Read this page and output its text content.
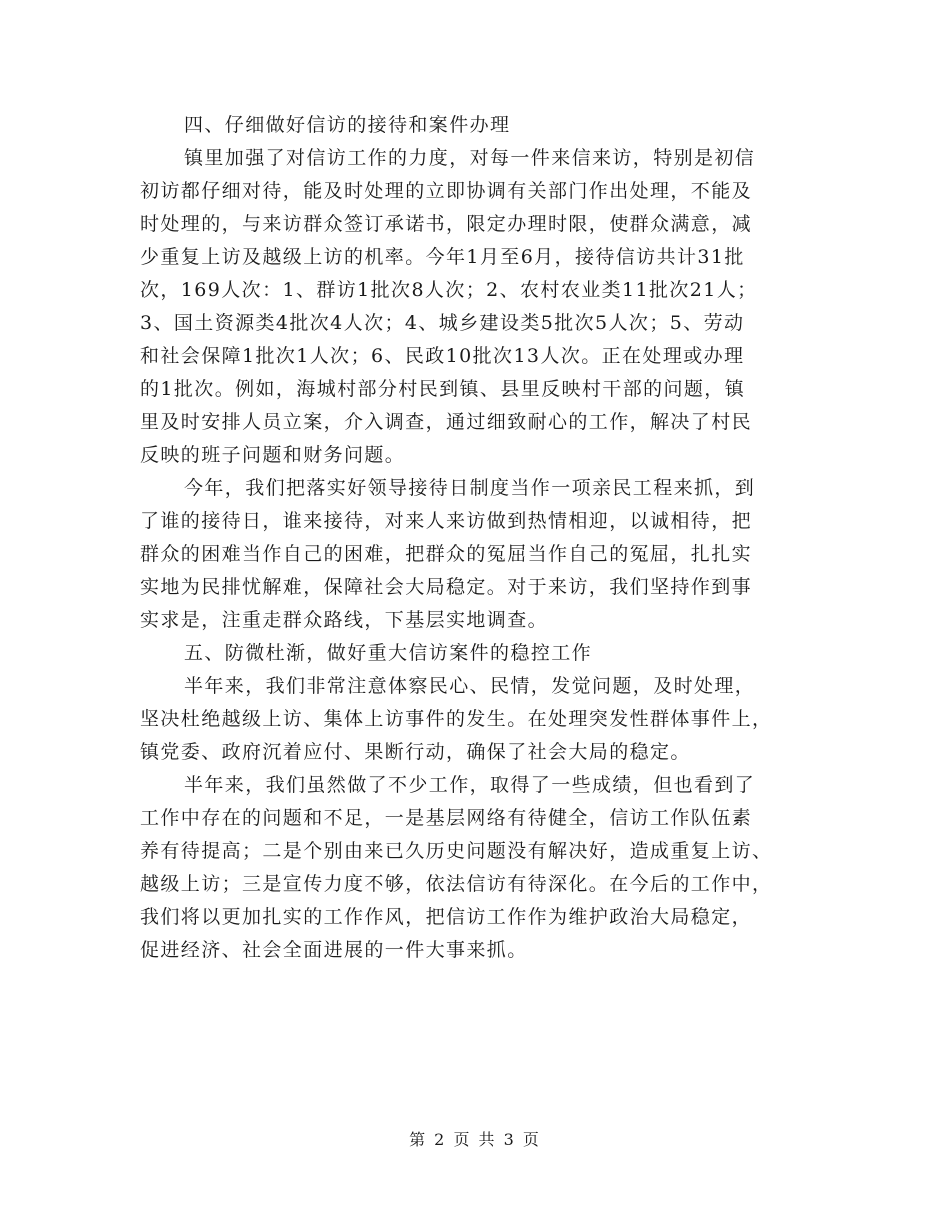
四、仔细做好信访的接待和案件办理
镇里加强了对信访工作的力度，对每一件来信来访，特别是初信
初访都仔细对待，能及时处理的立即协调有关部门作出处理，不能及
时处理的，与来访群众签订承诺书，限定办理时限，使群众满意，减
少重复上访及越级上访的机率。今年1月至6月，接待信访共计31批
次，169人次：1、群访1批次8人次；2、农村农业类11批次21人；
3、国土资源类4批次4人次；4、城乡建设类5批次5人次；5、劳动
和社会保障1批次1人次；6、民政10批次13人次。正在处理或办理
的1批次。例如，海城村部分村民到镇、县里反映村干部的问题，镇
里及时安排人员立案，介入调查，通过细致耐心的工作，解决了村民
反映的班子问题和财务问题。
今年，我们把落实好领导接待日制度当作一项亲民工程来抓，到
了谁的接待日，谁来接待，对来人来访做到热情相迎，以诚相待，把
群众的困难当作自己的困难，把群众的冤屈当作自己的冤屈，扎扎实
实地为民排忧解难，保障社会大局稳定。对于来访，我们坚持作到事
实求是，注重走群众路线，下基层实地调查。
五、防微杜渐，做好重大信访案件的稳控工作
半年来，我们非常注意体察民心、民情，发觉问题，及时处理，
坚决杜绝越级上访、集体上访事件的发生。在处理突发性群体事件上，
镇党委、政府沉着应付、果断行动，确保了社会大局的稳定。
半年来，我们虽然做了不少工作，取得了一些成绩，但也看到了
工作中存在的问题和不足，一是基层网络有待健全，信访工作队伍素
养有待提高；二是个别由来已久历史问题没有解决好，造成重复上访、
越级上访；三是宣传力度不够，依法信访有待深化。在今后的工作中，
我们将以更加扎实的工作作风，把信访工作作为维护政治大局稳定，
促进经济、社会全面进展的一件大事来抓。
第 2 页 共 3 页
